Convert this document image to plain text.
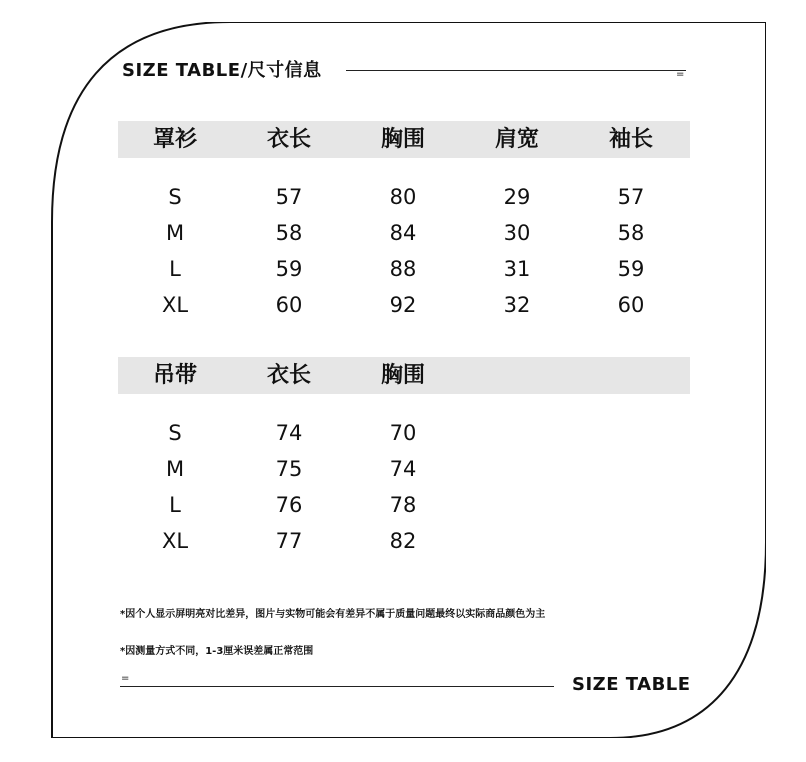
SIZE TABLE/尺寸信息	=
罩衫	衣长	胸围	肩宽	袖长
S	57	80	29	57
M	58	84	30	58
L	59	88	31	59
XL	60	92	32	60
吊带	衣长	胸围
S	74	70
M	75	74
L	76	78
XL	77	82
*因个人显示屏明亮对比差异，图片与实物可能会有差异不属于质量问题最终以实际商品颜色为主
*因测量方式不同，1-3厘米误差属正常范围
=	SIZE TABLE
